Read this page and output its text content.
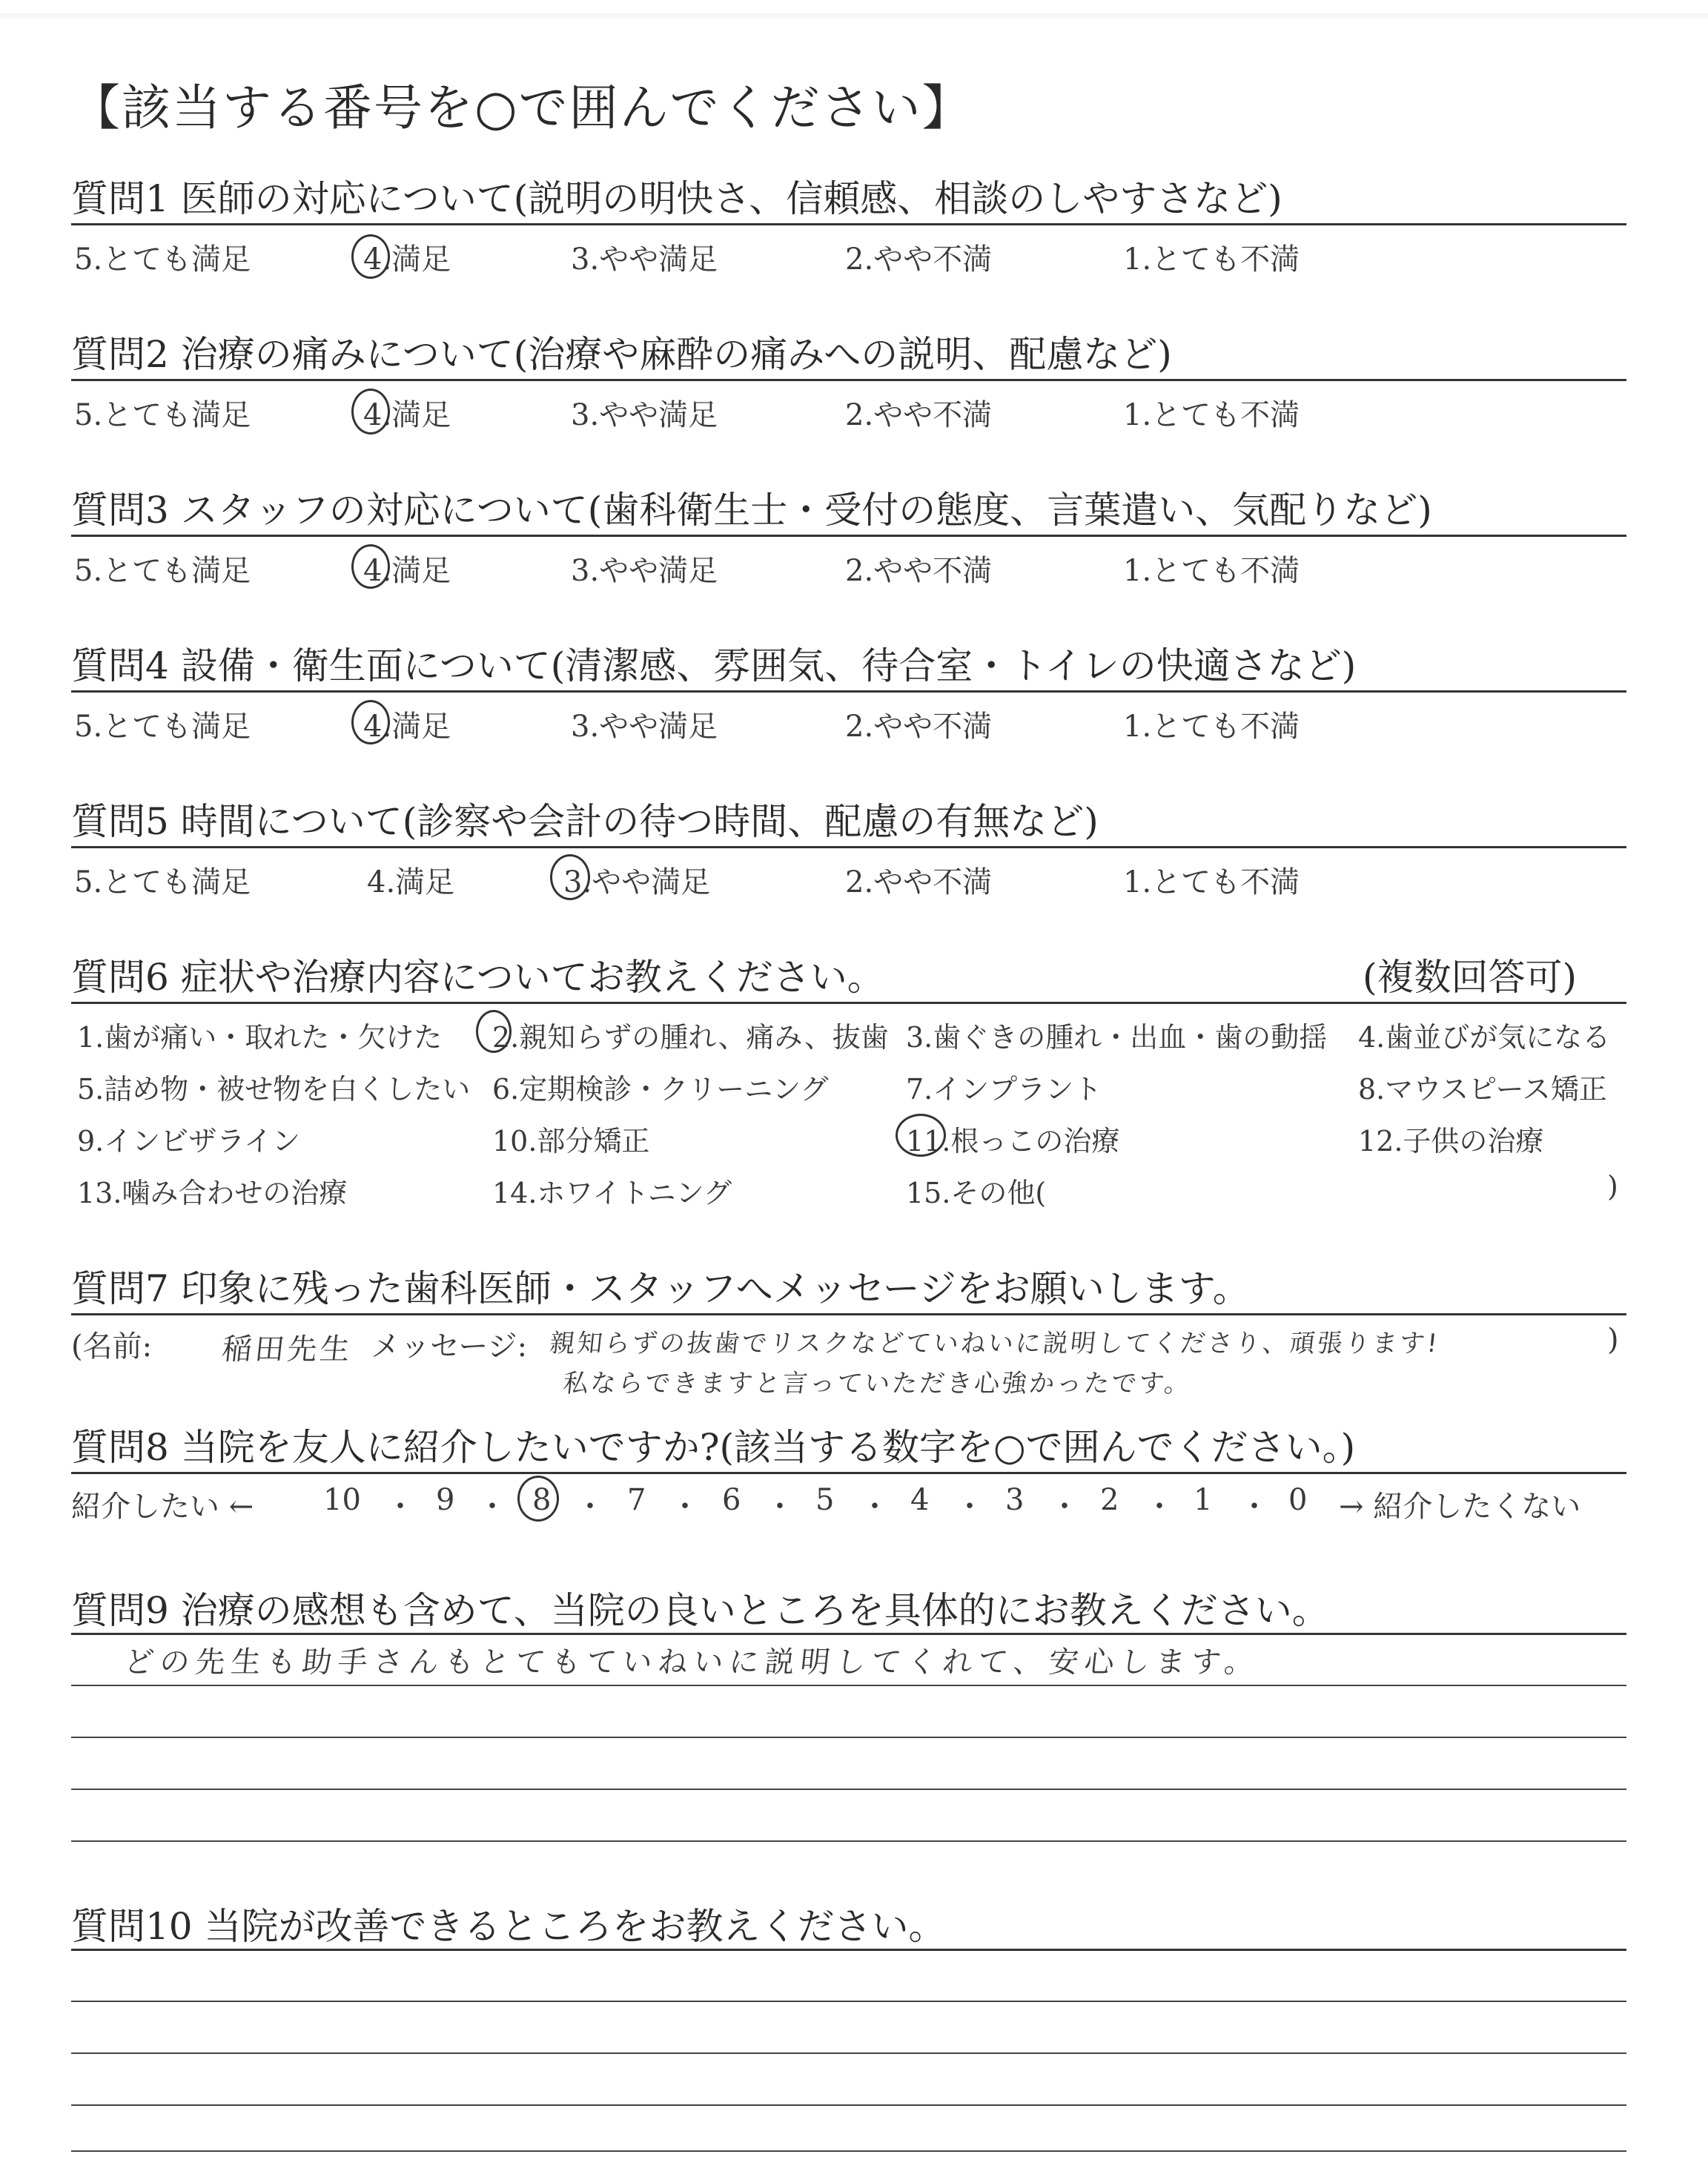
【該当する番号を○で囲んでください】
質問1 医師の対応について(説明の明快さ、信頼感、相談のしやすさなど)
5.とても満足	4.満足	3.やや満足	2.やや不満	1.とても不満
質問2 治療の痛みについて(治療や麻酔の痛みへの説明、配慮など)
5.とても満足	4.満足	3.やや満足	2.やや不満	1.とても不満
質問3 スタッフの対応について(歯科衛生士・受付の態度、言葉遣い、気配りなど)
5.とても満足	4.満足	3.やや満足	2.やや不満	1.とても不満
質問4 設備・衛生面について(清潔感、雰囲気、待合室・トイレの快適さなど)
5.とても満足	4.満足	3.やや満足	2.やや不満	1.とても不満
質問5 時間について(診察や会計の待つ時間、配慮の有無など)
5.とても満足	4.満足	3.やや満足	2.やや不満	1.とても不満
質問6 症状や治療内容についてお教えください。	(複数回答可)
1.歯が痛い・取れた・欠けた 2.親知らずの腫れ、痛み、抜歯 3.歯ぐきの腫れ・出血・歯の動揺 4.歯並びが気になる
5.詰め物・被せ物を白くしたい 6.定期検診・クリーニング	7.インプラント	8.マウスピース矯正
9.インビザライン	10.部分矯正	11.根っこの治療	12.子供の治療
13.噛み合わせの治療	14.ホワイトニング	15.その他(	)
質問7 印象に残った歯科医師・スタッフへメッセージをお願いします。
(名前: 稲田先生 メッセージ: 親知らずの抜歯でリスクなどていねいに説明してくださり、頑張ります!	)
私ならできますと言っていただき心強かったです。
質問8 当院を友人に紹介したいですか?(該当する数字を○で囲んでください。)
紹介したい ← 10 ・ 9 ・ 8 ・ 7 ・ 6 ・ 5 ・ 4 ・ 3 ・ 2 ・ 1 ・ 0 → 紹介したくない
質問9 治療の感想も含めて、当院の良いところを具体的にお教えください。
どの先生も助手さんもとてもていねいに説明してくれて、安心します。
質問10 当院が改善できるところをお教えください。
